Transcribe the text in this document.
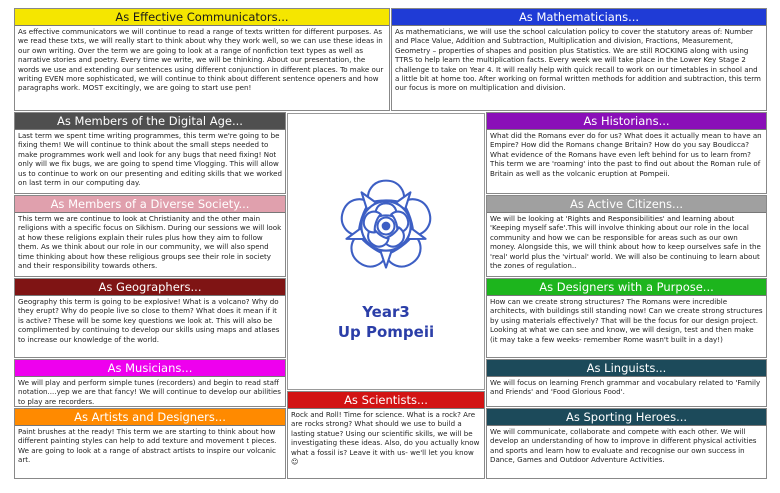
As Effective Communicators...
As effective communicators we will continue to read a range of texts written for different purposes. As we read these txts, we will really start to think about why they work well, so we can use these ideas in our own writing. Over the term we are going to look at a range of nonfiction text types as well as narrative stories and poetry. Every time we write, we will be thinking. About our presentation, the words we use and extending our sentences using different conjunction in different places. To make our writing EVEN more sophisticated, we will continue to think about different sentence openers and how paragraphs work. MOST excitingly, we are going to start use pen!
As Mathematicians...
As mathematicians, we will use the school calculation policy to cover the statutory areas of: Number and Place Value, Addition and Subtraction, Multiplication and division, Fractions, Measurement, Geometry – properties of shapes and position plus Statistics. We are still ROCKING along with using TTRS to help learn the multiplication facts. Every week we will take place in the Lower Key Stage 2 challenge to take on Year 4. It will really help with quick recall to work on our timetables in school and a little bit at home too. After working on formal written methods for addition and subtraction, this term our focus is more on multiplication and division.
As Members of the Digital Age...
Last term we spent time writing programmes, this term we're going to be fixing them! We will continue to think about the small steps needed to make programmes work well and look for any bugs that need fixing! Not only will we fix bugs, we are going to spend time Vlogging. This will allow us to continue to work on our presenting and editing skills that we worked on last term in our computing day.
As Historians...
What did the Romans ever do for us? What does it actually mean to have an Empire? How did the Romans change Britain? How do you say Boudicca? What evidence of the Romans have even left behind for us to learn from? This term we are 'roaming' into the past to find out about the Roman rule of Britain as well as the volcanic eruption at Pompeii.
As Members of a Diverse Society...
This term we are continue to look at Christianity and the other main religions with a specific focus on Sikhism. During our sessions we will look at how these religions explain their rules plus how they aim to follow them. As we think about our role in our community, we will also spend time thinking about how these religious groups see their role in society and their responsibility towards others.
As Active Citizens...
We will be looking at 'Rights and Responsibilities' and learning about 'Keeping myself safe'.This will involve thinking about our role in the local community and how we can be responsible for areas such as our own money. Alongside this, we will think about how to keep ourselves safe in the 'real' world plus the 'virtual' world. We will also be continuing to learn about the zones of regulation..
As Geographers...
Geography this term is going to be explosive! What is a volcano? Why do they erupt? Why do people live so close to them? What does it mean if it is active? These will be some key questions we look at. This will also be complimented by continuing to develop our skills using maps and atlases to increase our knowledge of the world.
As Designers with a Purpose...
How can we create strong structures? The Romans were incredible architects, with buildings still standing now! Can we create strong structures by using materials effectively? That will be the focus for our design project. Looking at what we can see and know, we will design, test and then make (it may take a few weeks- remember Rome wasn't built in a day!)
As Musicians...
We will play and perform simple tunes (recorders) and begin to read staff notation....yep we are that fancy! We will continue to develop our abilities to play are recorders.
As Linguists...
We will focus on learning French grammar and vocabulary related to 'Family and Friends' and 'Food Glorious Food'.
As Scientists...
Rock and Roll! Time for science. What is a rock? Are are rocks strong? What should we use to build a lasting statue? Using our scientific skills, we will be investigating these ideas. Also, do you actually know what a fossil is? Leave it with us- we'll let you know ☺
As Artists and Designers...
Paint brushes at the ready! This term we are starting to think about how different painting styles can help to add texture and movement t pieces. We are going to look at a range of abstract artists to inspire our volcanic art.
As Sporting Heroes...
We will communicate, collaborate and compete with each other. We will develop an understanding of how to improve in different physical activities and sports and learn how to evaluate and recognise our own success in Dance, Games and Outdoor Adventure Activities.
Year3
Up Pompeii
